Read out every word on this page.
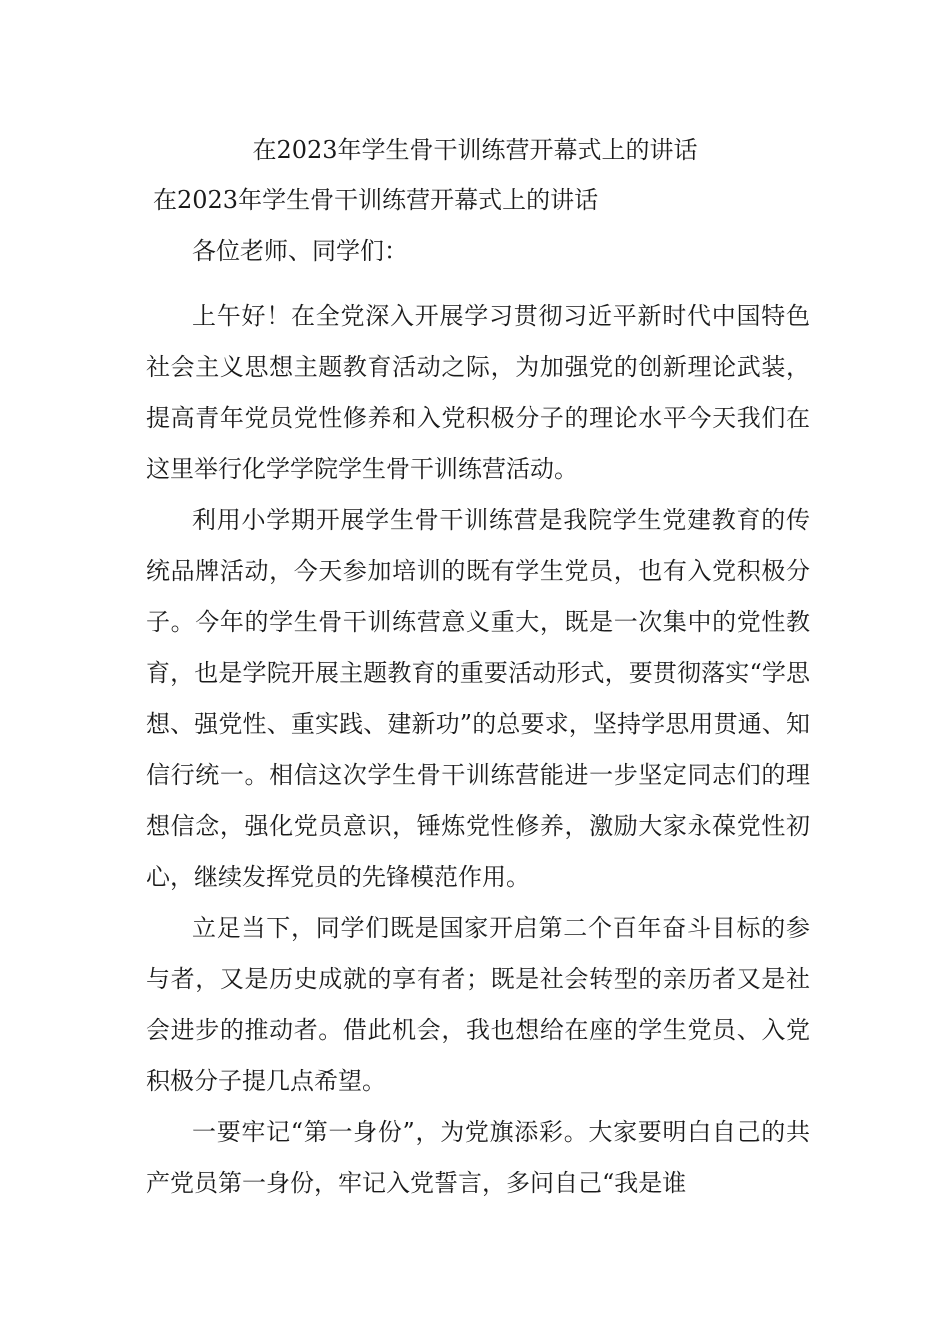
在2023年学生骨干训练营开幕式上的讲话
在2023年学生骨干训练营开幕式上的讲话

各位老师、同学们：

上午好！在全党深入开展学习贯彻习近平新时代中国特色社会主义思想主题教育活动之际，为加强党的创新理论武装，提高青年党员党性修养和入党积极分子的理论水平今天我们在这里举行化学学院学生骨干训练营活动。

利用小学期开展学生骨干训练营是我院学生党建教育的传统品牌活动，今天参加培训的既有学生党员，也有入党积极分子。今年的学生骨干训练营意义重大，既是一次集中的党性教育，也是学院开展主题教育的重要活动形式，要贯彻落实“学思想、强党性、重实践、建新功”的总要求，坚持学思用贯通、知信行统一。相信这次学生骨干训练营能进一步坚定同志们的理想信念，强化党员意识，锤炼党性修养，激励大家永葆党性初心，继续发挥党员的先锋模范作用。

立足当下，同学们既是国家开启第二个百年奋斗目标的参与者，又是历史成就的享有者；既是社会转型的亲历者又是社会进步的推动者。借此机会，我也想给在座的学生党员、入党积极分子提几点希望。

一要牢记“第一身份”，为党旗添彩。大家要明白自己的共产党员第一身份，牢记入党誓言，多问自己“我是谁
